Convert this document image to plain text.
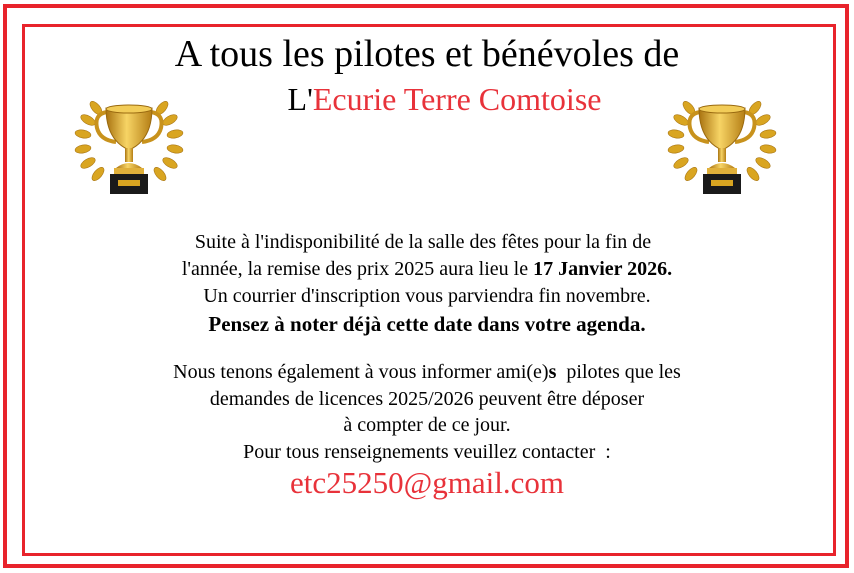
A tous les pilotes et bénévoles de
L'Ecurie Terre Comtoise
Suite à l'indisponibilité de la salle des fêtes pour la fin de
l'année, la remise des prix 2025 aura lieu le 17 Janvier 2026.
Un courrier d'inscription vous parviendra fin novembre.
Pensez à noter déjà cette date dans votre agenda.
Nous tenons également à vous informer ami(e)s  pilotes que les
demandes de licences 2025/2026 peuvent être déposer
à compter de ce jour.
Pour tous renseignements veuillez contacter  :
etc25250@gmail.com
